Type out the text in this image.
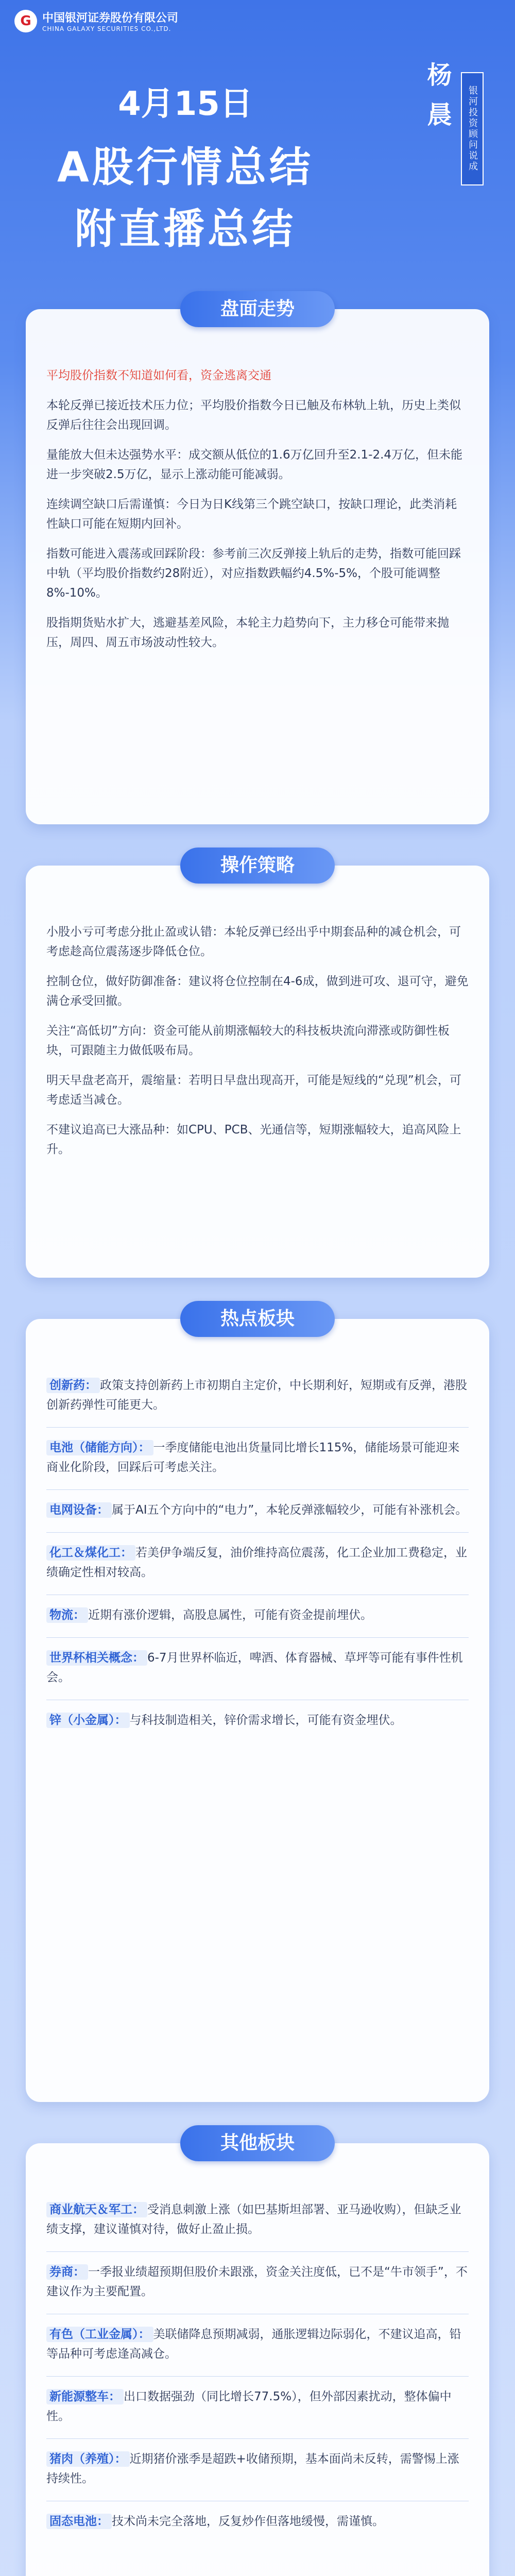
G 中国银河证券股份有限公司
CHINA GALAXY SECURITIES CO.,LTD.
4月15日
A股行情总结
附直播总结
杨 晨	银河投资顾问说成

平均股价指数不知道如何看，资金逃离交通

本轮反弹已接近技术压力位；平均股价指数今日已触及布林轨上轨，历史上类似反弹后往往会出现回调。

量能放大但未达强势水平：成交额从低位的1.6万亿回升至2.1-2.4万亿，但未能进一步突破2.5万亿，显示上涨动能可能减弱。

连续调空缺口后需谨慎：今日为日K线第三个跳空缺口，按缺口理论，此类消耗性缺口可能在短期内回补。

指数可能进入震荡或回踩阶段：参考前三次反弹接上轨后的走势，指数可能回踩中轨（平均股价指数约28附近），对应指数跌幅约4.5%-5%，个股可能调整8%-10%。

股指期货贴水扩大，逃避基差风险，本轮主力趋势向下，主力移仓可能带来抛压，周四、周五市场波动性较大。

盘面走势

小股小亏可考虑分批止盈或认错：本轮反弹已经出乎中期套品种的减仓机会，可考虑趁高位震荡逐步降低仓位。

控制仓位，做好防御准备：建议将仓位控制在4-6成，做到进可攻、退可守，避免满仓承受回撤。

关注“高低切”方向：资金可能从前期涨幅较大的科技板块流向滞涨或防御性板块，可跟随主力做低吸布局。

明天早盘老高开，震缩量：若明日早盘出现高开，可能是短线的“兑现”机会，可考虑适当减仓。

不建议追高已大涨品种：如CPU、PCB、光通信等，短期涨幅较大，追高风险上升。

操作策略
创新药： 政策支持创新药上市初期自主定价，中长期利好，短期或有反弹，港股创新药弹性可能更大。
电池（储能方向）： 一季度储能电池出货量同比增长115%，储能场景可能迎来商业化阶段，回踩后可考虑关注。
电网设备： 属于AI五个方向中的“电力”，本轮反弹涨幅较少，可能有补涨机会。
化工＆煤化工： 若美伊争端反复，油价维持高位震荡，化工企业加工费稳定，业绩确定性相对较高。
物流： 近期有涨价逻辑，高股息属性，可能有资金提前埋伏。
世界杯相关概念： 6-7月世界杯临近，啤酒、体育器械、草坪等可能有事件性机会。
锌（小金属）： 与科技制造相关，锌价需求增长，可能有资金埋伏。
热点板块
商业航天＆军工： 受消息刺激上涨（如巴基斯坦部署、亚马逊收购），但缺乏业绩支撑，建议谨慎对待，做好止盈止损。
券商： 一季报业绩超预期但股价未跟涨，资金关注度低，已不是“牛市领手”，不建议作为主要配置。
有色（工业金属）： 美联储降息预期减弱，通胀逻辑边际弱化，不建议追高，铅等品种可考虑逢高减仓。
新能源整车： 出口数据强劲（同比增长77.5%），但外部因素扰动，整体偏中性。
猪肉（养殖）： 近期猪价涨季是超跌+收储预期，基本面尚未反转，需警惕上涨持续性。
固态电池： 技术尚未完全落地，反复炒作但落地缓慢，需谨慎。
其他板块
